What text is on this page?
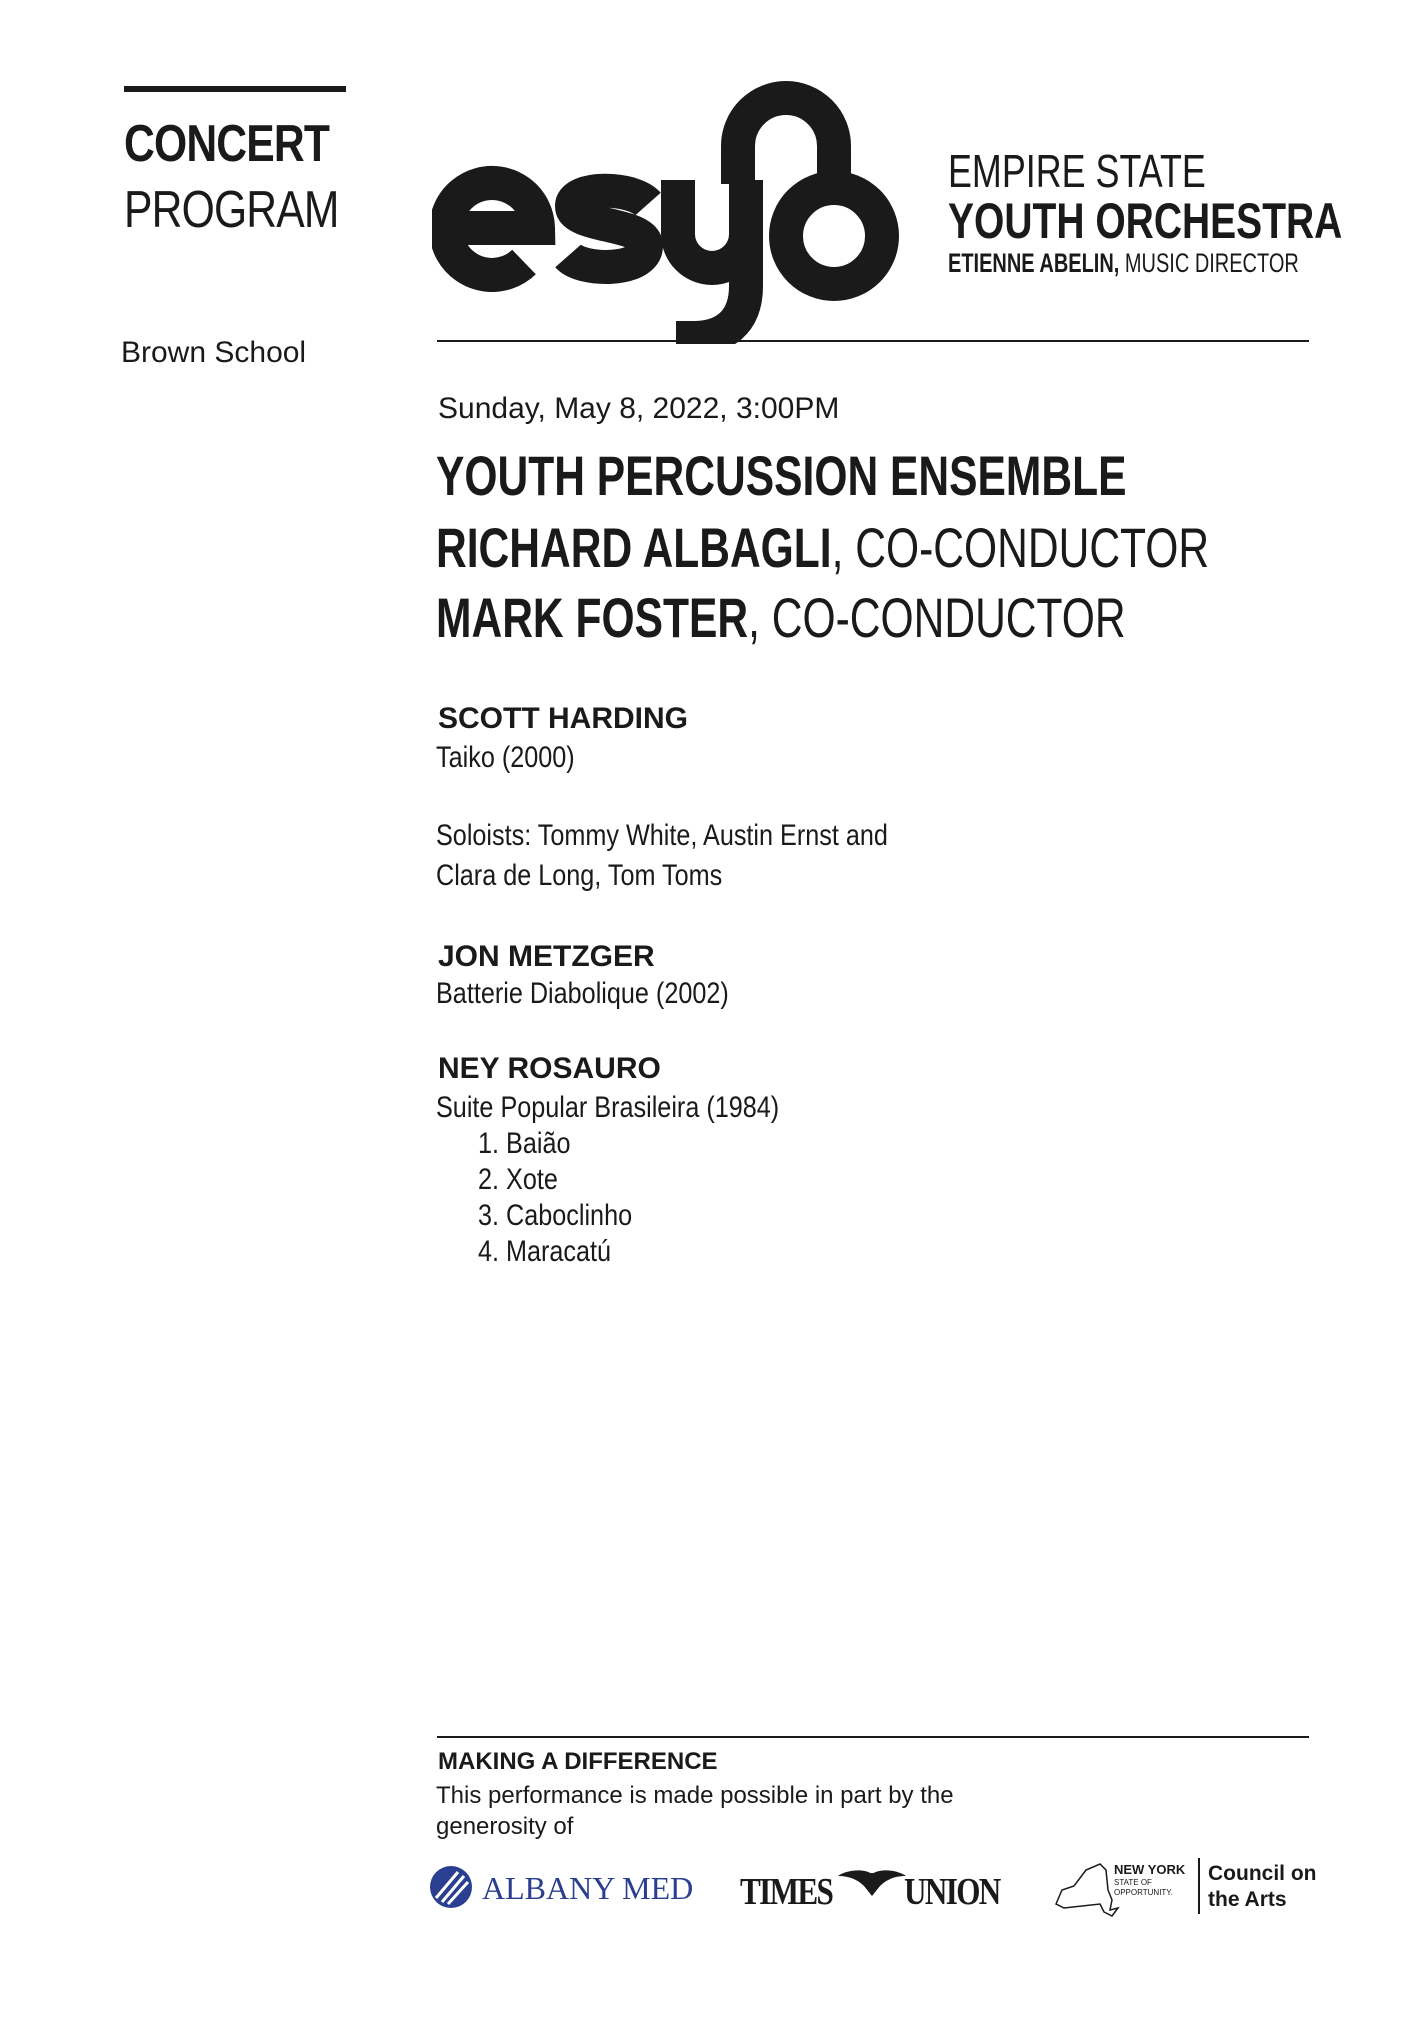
CONCERT
PROGRAM
Brown School
EMPIRE STATE
YOUTH ORCHESTRA
ETIENNE ABELIN, MUSIC DIRECTOR
Sunday, May 8, 2022, 3:00PM
YOUTH PERCUSSION ENSEMBLE
RICHARD ALBAGLI, CO-CONDUCTOR
MARK FOSTER, CO-CONDUCTOR
SCOTT HARDING
Taiko (2000)
Soloists: Tommy White, Austin Ernst and
Clara de Long, Tom Toms
JON METZGER
Batterie Diabolique (2002)
NEY ROSAURO
Suite Popular Brasileira (1984)
1. Baião
2. Xote
3. Caboclinho
4. Maracatú
MAKING A DIFFERENCE
This performance is made possible in part by the generosity of
ALBANY MED TIMES UNION
NEW YORK
STATE OF
OPPORTUNITY.
Council on
the Arts
